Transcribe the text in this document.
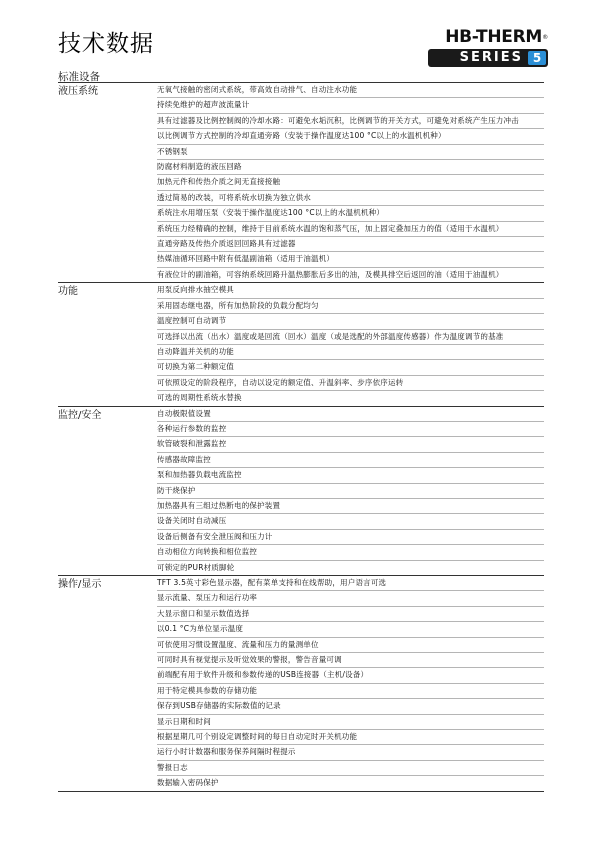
技术数据	HB-THERM ®
SERIES 5
标准设备
液压系统	无氧气接触的密闭式系统，带高效自动排气、自动注水功能
持续免维护的超声波流量计
具有过滤器及比例控制阀的冷却水路：可避免水垢沉积，比例调节的开关方式，可避免对系统产生压力冲击
以比例调节方式控制的冷却直通旁路（安装于操作温度达100 °C以上的水温机机种）
不锈钢泵
防腐材料制造的液压回路
加热元件和传热介质之间无直接接触
透过简易的改装，可将系统水切换为独立供水
系统注水用增压泵（安装于操作温度达100 °C以上的水温机机种）
系统压力经精确的控制，维持于目前系统水温的饱和蒸气压，加上固定叠加压力的值（适用于水温机）
直通旁路及传热介质返回回路具有过滤器
热媒油循环回路中附有低温副油箱（适用于油温机）
有液位计的副油箱，可容纳系统回路升温热膨胀后多出的油，及模具排空后返回的油（适用于油温机）
功能	用泵反向排水抽空模具
采用固态继电器，所有加热阶段的负载分配均匀
温度控制可自动调节
可选择以出流（出水）温度或是回流（回水）温度（或是选配的外部温度传感器）作为温度调节的基准
自动降温并关机的功能
可切换为第二种额定值
可依照设定的阶段程序，自动以设定的额定值、升温斜率、步序依序运转
可选的周期性系统水替换
监控/安全	自动极限值设置
各种运行参数的监控
软管破裂和泄露监控
传感器故障监控
泵和加热器负载电流监控
防干烧保护
加热器具有三组过热断电的保护装置
设备关闭时自动减压
设备后侧备有安全泄压阀和压力计
自动相位方向转换和相位监控
可锁定的PUR材质脚轮
操作/显示	TFT 3.5英寸彩色显示器，配有菜单支持和在线帮助，用户语言可选
显示流量、泵压力和运行功率
大显示窗口和显示数值选择
以0.1 °C为单位显示温度
可依使用习惯设置温度、流量和压力的量测单位
可同时具有视觉提示及听觉效果的警报，警告音量可调
前端配有用于软件升级和参数传递的USB连接器（主机/设备）
用于特定模具参数的存储功能
保存到USB存储器的实际数值的记录
显示日期和时间
根据星期几可个别设定调整时间的每日自动定时开关机功能
运行小时计数器和服务保养间隔时程提示
警报日志
数据输入密码保护
